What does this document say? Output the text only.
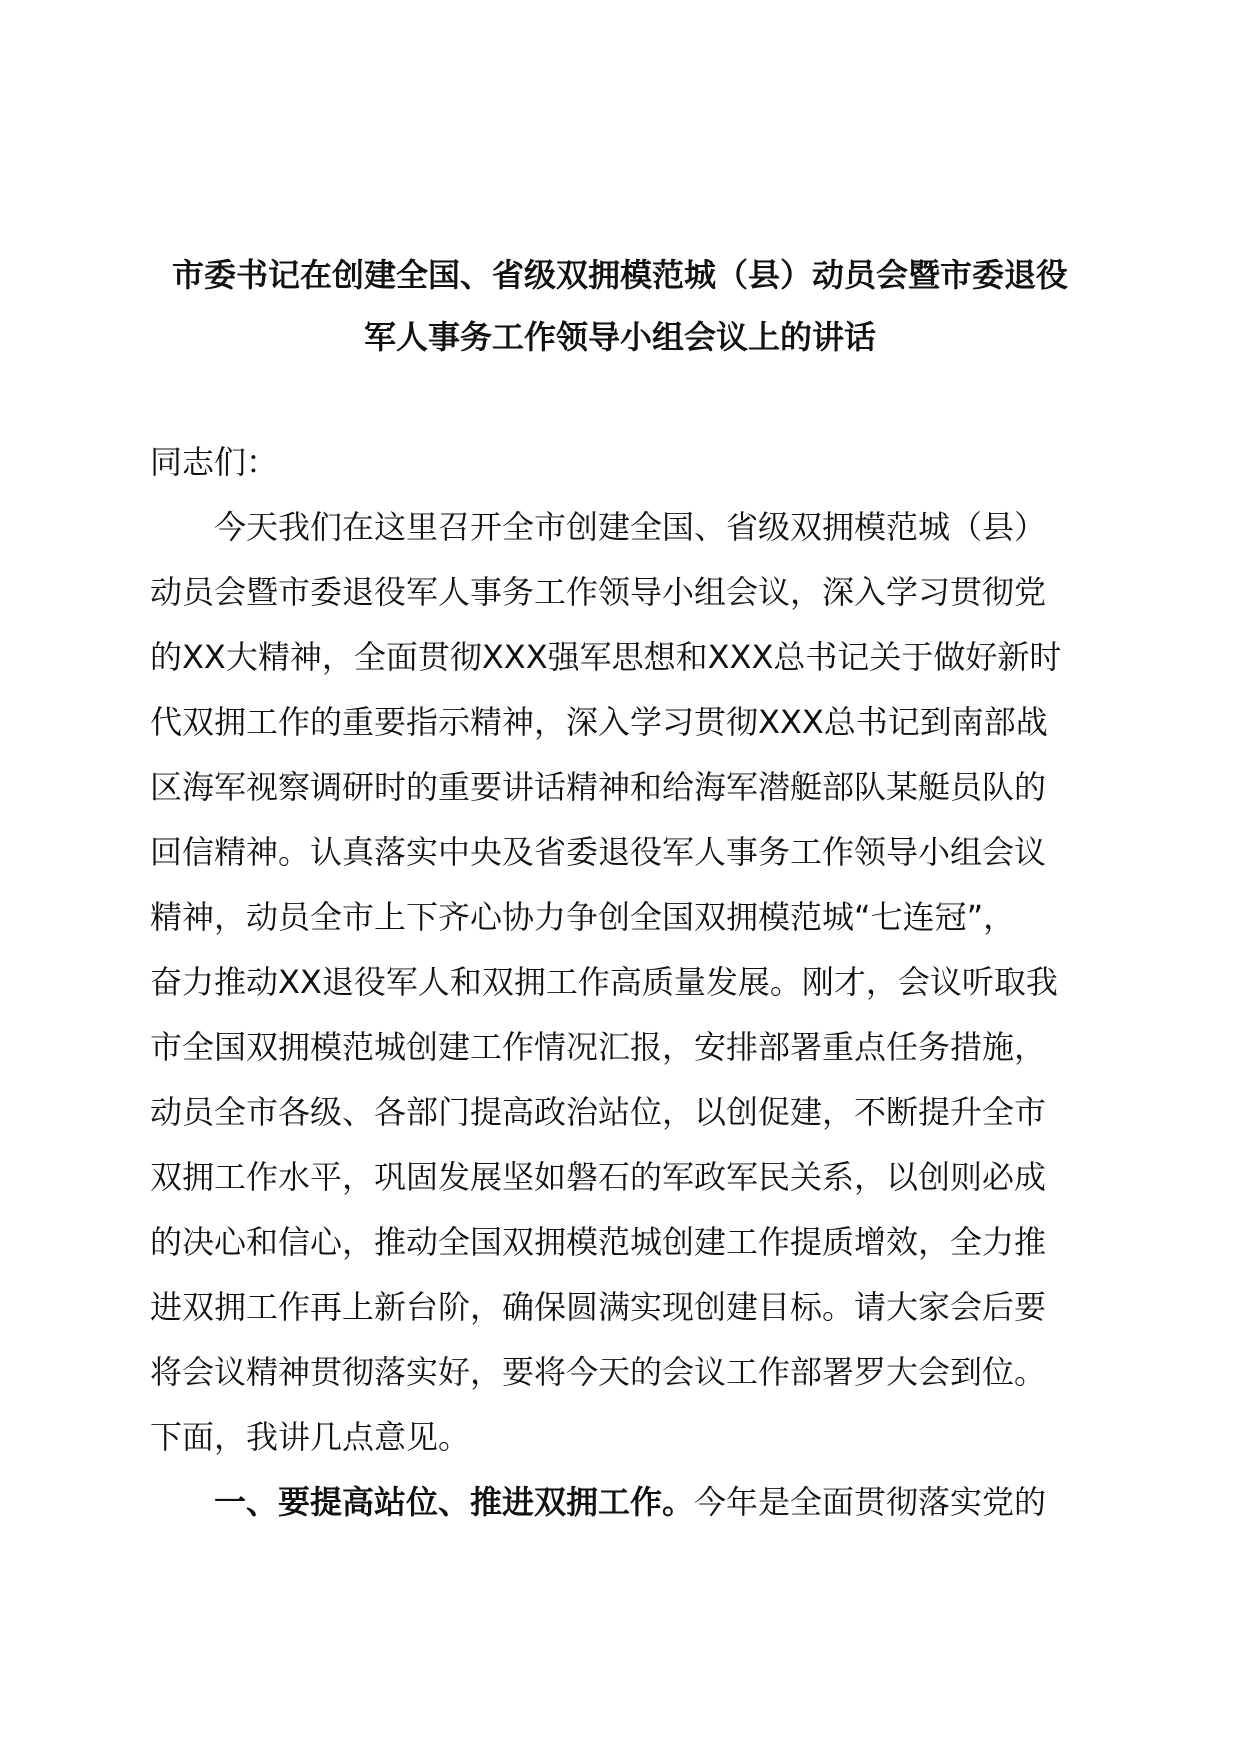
市委书记在创建全国、省级双拥模范城（县）动员会暨市委退役
军人事务工作领导小组会议上的讲话
同志们：
今天我们在这里召开全市创建全国、省级双拥模范城（县）
动员会暨市委退役军人事务工作领导小组会议，深入学习贯彻党
的XX大精神，全面贯彻XXX强军思想和XXX总书记关于做好新时
代双拥工作的重要指示精神，深入学习贯彻XXX总书记到南部战
区海军视察调研时的重要讲话精神和给海军潜艇部队某艇员队的
回信精神。认真落实中央及省委退役军人事务工作领导小组会议
精神，动员全市上下齐心协力争创全国双拥模范城“七连冠”，
奋力推动XX退役军人和双拥工作高质量发展。刚才，会议听取我
市全国双拥模范城创建工作情况汇报，安排部署重点任务措施，
动员全市各级、各部门提高政治站位，以创促建，不断提升全市
双拥工作水平，巩固发展坚如磐石的军政军民关系，以创则必成
的决心和信心，推动全国双拥模范城创建工作提质增效，全力推
进双拥工作再上新台阶，确保圆满实现创建目标。请大家会后要
将会议精神贯彻落实好，要将今天的会议工作部署罗大会到位。
下面，我讲几点意见。
一、要提高站位、推进双拥工作。今年是全面贯彻落实党的
